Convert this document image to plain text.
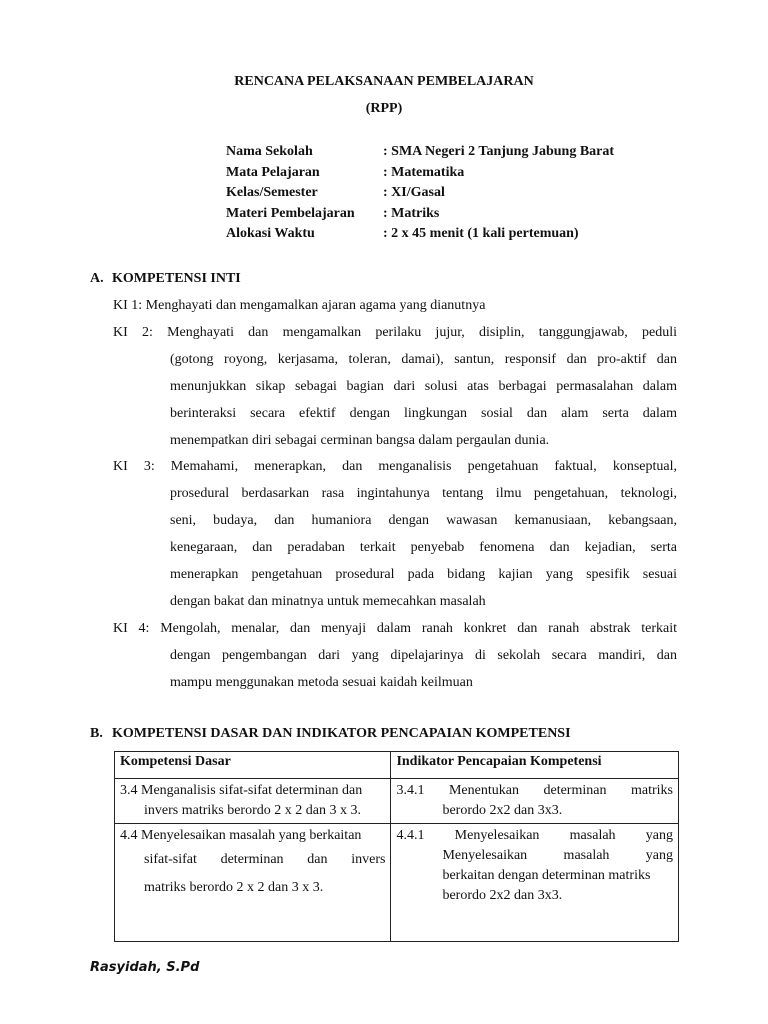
RENCANA PELAKSANAAN PEMBELAJARAN
(RPP)
Nama Sekolah	: SMA Negeri 2 Tanjung Jabung Barat
Mata Pelajaran	: Matematika
Kelas/Semester	: XI/Gasal
Materi Pembelajaran	: Matriks
Alokasi Waktu	: 2 x 45 menit (1 kali pertemuan)
A. KOMPETENSI INTI
KI 1: Menghayati dan mengamalkan ajaran agama yang dianutnya
KI 2: Menghayati dan mengamalkan perilaku jujur, disiplin, tanggungjawab, peduli
(gotong royong, kerjasama, toleran, damai), santun, responsif dan pro-aktif dan
menunjukkan sikap sebagai bagian dari solusi atas berbagai permasalahan dalam
berinteraksi secara efektif dengan lingkungan sosial dan alam serta dalam
menempatkan diri sebagai cerminan bangsa dalam pergaulan dunia.
KI 3: Memahami, menerapkan, dan menganalisis pengetahuan faktual, konseptual,
prosedural berdasarkan rasa ingintahunya tentang ilmu pengetahuan, teknologi,
seni, budaya, dan humaniora dengan wawasan kemanusiaan, kebangsaan,
kenegaraan, dan peradaban terkait penyebab fenomena dan kejadian, serta
menerapkan pengetahuan prosedural pada bidang kajian yang spesifik sesuai
dengan bakat dan minatnya untuk memecahkan masalah
KI 4: Mengolah, menalar, dan menyaji dalam ranah konkret dan ranah abstrak terkait
dengan pengembangan dari yang dipelajarinya di sekolah secara mandiri, dan
mampu menggunakan metoda sesuai kaidah keilmuan
B. KOMPETENSI DASAR DAN INDIKATOR PENCAPAIAN KOMPETENSI
Kompetensi Dasar	Indikator Pencapaian Kompetensi

3.4 Menganalisis sifat-sifat determinan dan
invers matriks berordo 2 x 2 dan 3 x 3.	3.4.1 Menentukan determinan matriks
berordo 2x2 dan 3x3.

4.4 Menyelesaikan masalah yang berkaitan
sifat-sifat determinan dan invers
matriks berordo 2 x 2 dan 3 x 3.	4.4.1 Menyelesaikan masalah yang
Menyelesaikan masalah yang
berkaitan dengan determinan matriks
berordo 2x2 dan 3x3.
Rasyidah, S.Pd
